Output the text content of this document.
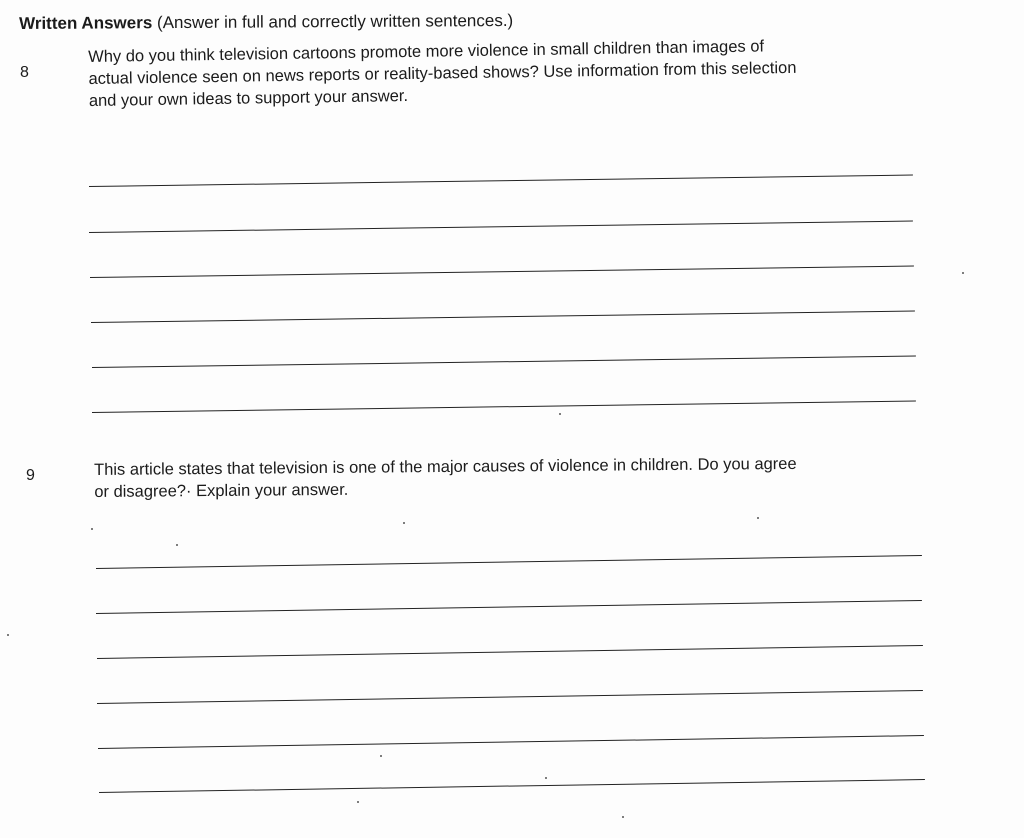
Written Answers (Answer in full and correctly written sentences.)
8
Why do you think television cartoons promote more violence in small children than images of
actual violence seen on news reports or reality-based shows? Use information from this selection
and your own ideas to support your answer.
9	This article states that television is one of the major causes of violence in children. Do you agree
or disagree?· Explain your answer.
